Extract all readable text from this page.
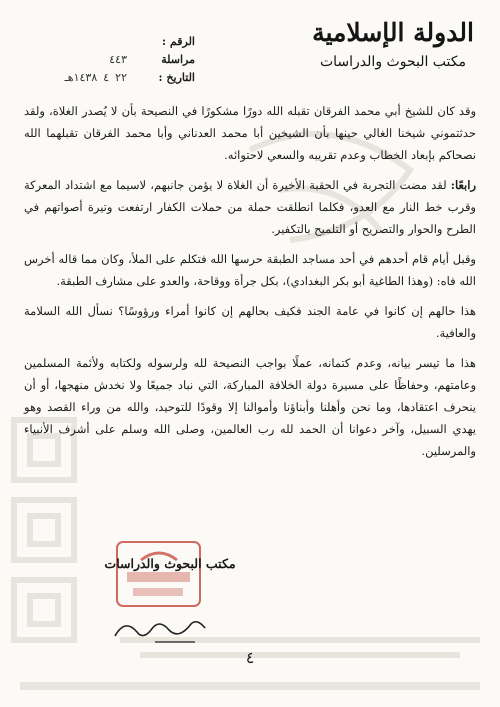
الرقم :
مراسلة
٤٤٣
التاريخ :
٢٢
٤
١٤٣٨هـ
الدولة الإسلامية
مكتب البحوث والدراسات

وقد كان للشيخ أبي محمد الفرقان تقبله الله دورًا مشكورًا في النصيحة بأن لا يُصدر الغلاة، ولقد حدثتموني شيخنا الغالي حينها بأن الشيخين أبا محمد العدناني وأبا محمد الفرقان تقبلهما الله نصحاكم بإبعاد الخطاب وعدم تقريبه والسعي لاحتوائه.

رابعًا: لقد مضت التجربة في الحقبة الأخيرة أن الغلاة لا يؤمن جانبهم، لاسيما مع اشتداد المعركة وقرب خط النار مع العدو، فكلما انطلقت حملة من حملات الكفار ارتفعت وتيرة أصواتهم في الطرح والحوار والتصريح أو التلميح بالتكفير.

وقبل أيام قام أحدهم في أحد مساجد الطبقة حرسها الله فتكلم على الملأ، وكان مما قاله أخرس الله فاه: (وهذا الطاغية أبو بكر البغدادي)، بكل جرأة ووقاحة، والعدو على مشارف الطبقة.

هذا حالهم إن كانوا في عامة الجند فكيف بحالهم إن كانوا أمراء ورؤوسًا؟ نسأل الله السلامة والعافية.

هذا ما تيسر بيانه، وعدم كتمانه، عملًا بواجب النصيحة لله ولرسوله ولكتابه ولأئمة المسلمين وعامتهم، وحفاظًا على مسيرة دولة الخلافة المباركة، التي نباد جميعًا ولا نخدش منهجها، أو أن ينحرف اعتقادها، وما نحن وأهلنا وأبناؤنا وأموالنا إلا وقودًا للتوحيد، والله من وراء القصد وهو يهدي السبيل، وآخر دعوانا أن الحمد لله رب العالمين، وصلى الله وسلم على أشرف الأنبياء والمرسلين.

مكتب البحوث والدراسات
٤
